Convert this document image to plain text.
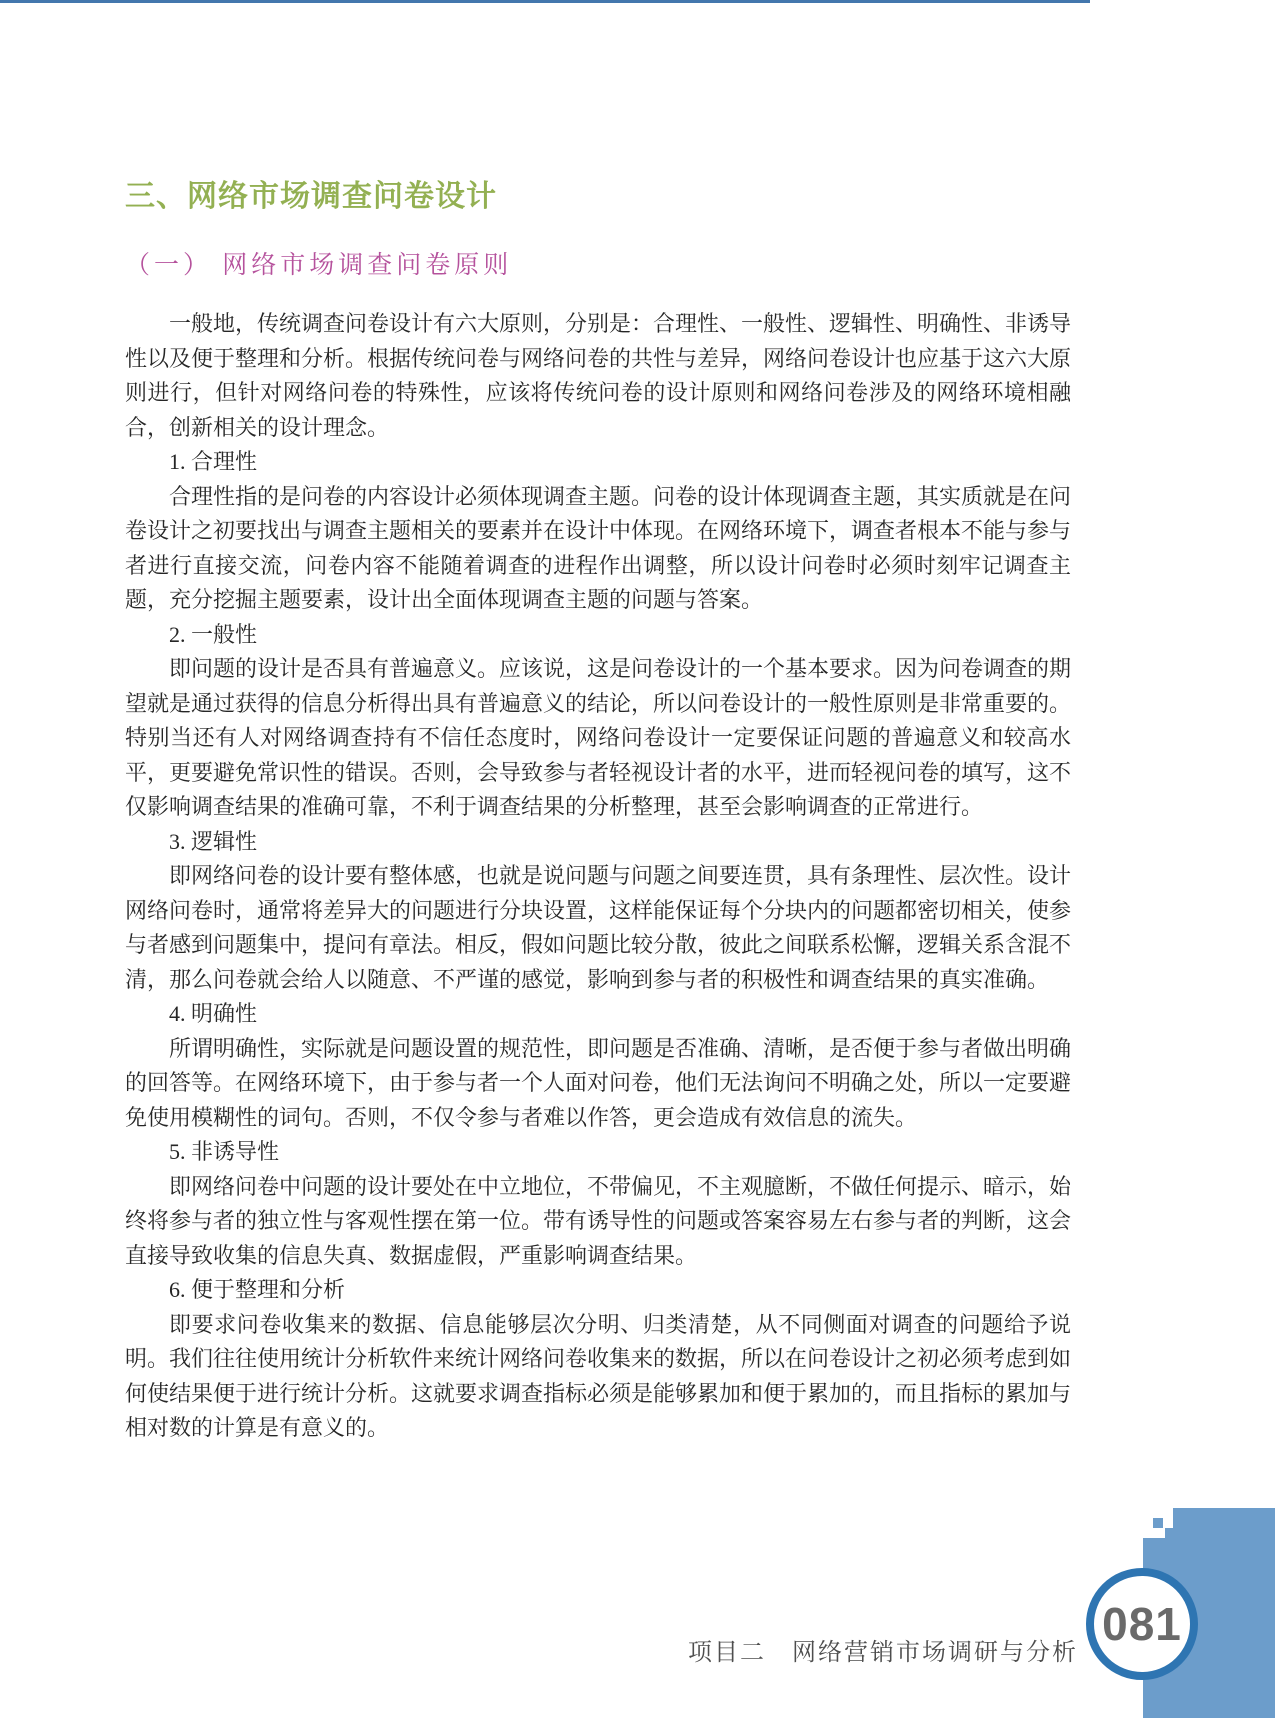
三、网络市场调查问卷设计
（一） 网络市场调查问卷原则

一般地，传统调查问卷设计有六大原则，分别是：合理性、一般性、逻辑性、明确性、非诱导性以及便于整理和分析。根据传统问卷与网络问卷的共性与差异，网络问卷设计也应基于这六大原则进行，但针对网络问卷的特殊性，应该将传统问卷的设计原则和网络问卷涉及的网络环境相融合，创新相关的设计理念。

1. 合理性

合理性指的是问卷的内容设计必须体现调查主题。问卷的设计体现调查主题，其实质就是在问卷设计之初要找出与调查主题相关的要素并在设计中体现。在网络环境下，调查者根本不能与参与者进行直接交流，问卷内容不能随着调查的进程作出调整，所以设计问卷时必须时刻牢记调查主题，充分挖掘主题要素，设计出全面体现调查主题的问题与答案。

2. 一般性

即问题的设计是否具有普遍意义。应该说，这是问卷设计的一个基本要求。因为问卷调查的期望就是通过获得的信息分析得出具有普遍意义的结论，所以问卷设计的一般性原则是非常重要的。特别当还有人对网络调查持有不信任态度时，网络问卷设计一定要保证问题的普遍意义和较高水平，更要避免常识性的错误。否则，会导致参与者轻视设计者的水平，进而轻视问卷的填写，这不仅影响调查结果的准确可靠，不利于调查结果的分析整理，甚至会影响调查的正常进行。

3. 逻辑性

即网络问卷的设计要有整体感，也就是说问题与问题之间要连贯，具有条理性、层次性。设计网络问卷时，通常将差异大的问题进行分块设置，这样能保证每个分块内的问题都密切相关，使参与者感到问题集中，提问有章法。相反，假如问题比较分散，彼此之间联系松懈，逻辑关系含混不清，那么问卷就会给人以随意、不严谨的感觉，影响到参与者的积极性和调查结果的真实准确。

4. 明确性

所谓明确性，实际就是问题设置的规范性，即问题是否准确、清晰，是否便于参与者做出明确的回答等。在网络环境下，由于参与者一个人面对问卷，他们无法询问不明确之处，所以一定要避免使用模糊性的词句。否则，不仅令参与者难以作答，更会造成有效信息的流失。

5. 非诱导性

即网络问卷中问题的设计要处在中立地位，不带偏见，不主观臆断，不做任何提示、暗示，始终将参与者的独立性与客观性摆在第一位。带有诱导性的问题或答案容易左右参与者的判断，这会直接导致收集的信息失真、数据虚假，严重影响调查结果。

6. 便于整理和分析

即要求问卷收集来的数据、信息能够层次分明、归类清楚，从不同侧面对调查的问题给予说明。我们往往使用统计分析软件来统计网络问卷收集来的数据，所以在问卷设计之初必须考虑到如何使结果便于进行统计分析。这就要求调查指标必须是能够累加和便于累加的，而且指标的累加与相对数的计算是有意义的。

081
项目二 网络营销市场调研与分析
